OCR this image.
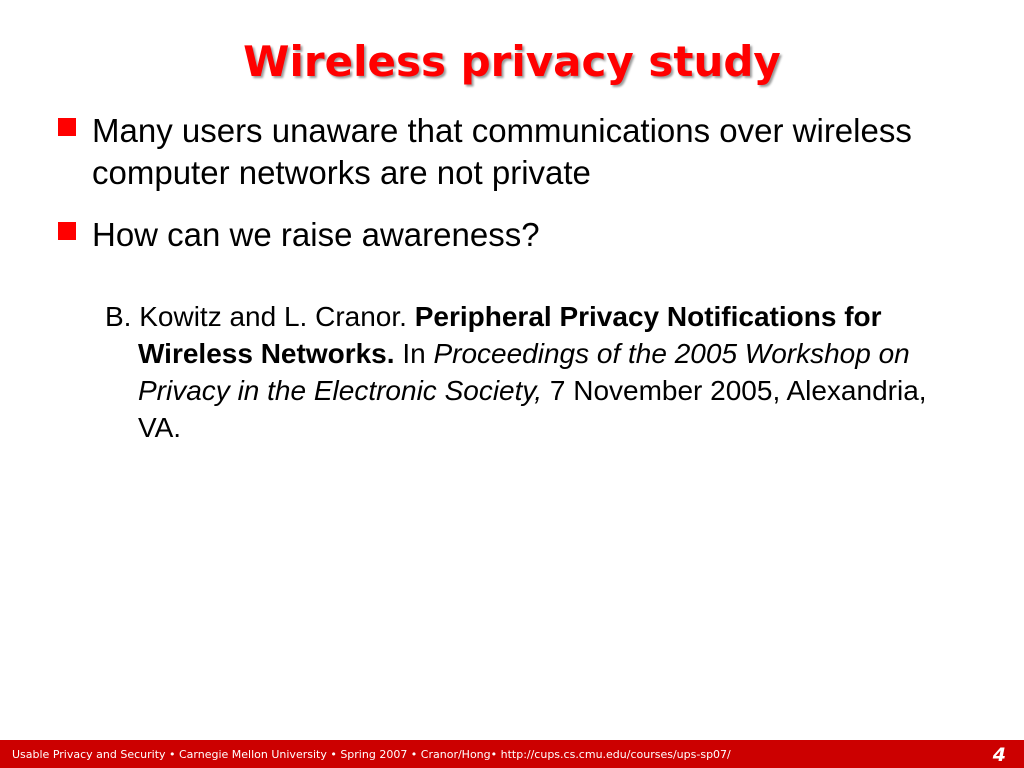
Wireless privacy study
Many users unaware that communications over wireless computer networks are not private
How can we raise awareness?
B. Kowitz and L. Cranor. Peripheral Privacy Notifications for Wireless Networks. In Proceedings of the 2005 Workshop on Privacy in the Electronic Society, 7 November 2005, Alexandria, VA.
Usable Privacy and Security • Carnegie Mellon University • Spring 2007 • Cranor/Hong• http://cups.cs.cmu.edu/courses/ups-sp07/	4
